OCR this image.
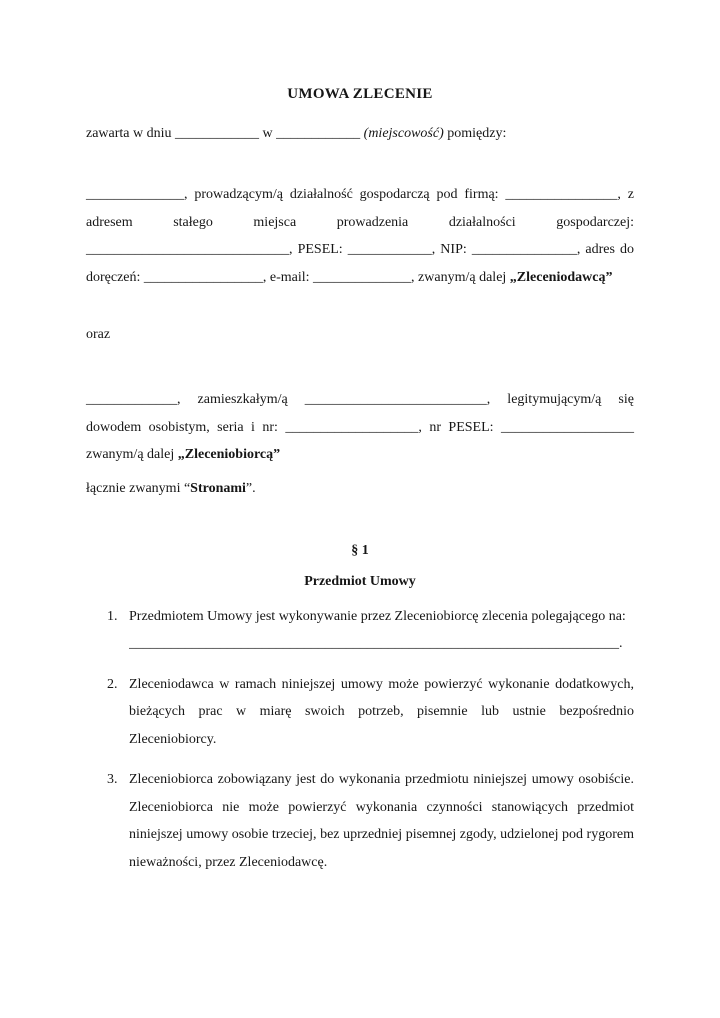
UMOWA ZLECENIE

zawarta w dniu ____________ w ____________ (miejscowość) pomiędzy:

______________, prowadzącym/ą działalność gospodarczą pod firmą: ________________, z adresem stałego miejsca prowadzenia działalności gospodarczej: _____________________________, PESEL: ____________, NIP: _______________, adres do doręczeń: _________________, e-mail: ______________, zwanym/ą dalej „Zleceniodawcą”

oraz

_____________, zamieszkałym/ą __________________________, legitymującym/ą się dowodem osobistym, seria i nr: ___________________, nr PESEL: ___________________ zwanym/ą dalej „Zleceniobiorcą”

łącznie zwanymi “Stronami”.

§ 1

Przedmiot Umowy

1. Przedmiotem Umowy jest wykonywanie przez Zleceniobiorcę zlecenia polegającego na:
______________________________________________________________________.
2. Zleceniodawca w ramach niniejszej umowy może powierzyć wykonanie dodatkowych, bieżących prac w miarę swoich potrzeb, pisemnie lub ustnie bezpośrednio Zleceniobiorcy.
3. Zleceniobiorca zobowiązany jest do wykonania przedmiotu niniejszej umowy osobiście. Zleceniobiorca nie może powierzyć wykonania czynności stanowiących przedmiot niniejszej umowy osobie trzeciej, bez uprzedniej pisemnej zgody, udzielonej pod rygorem nieważności, przez Zleceniodawcę.
